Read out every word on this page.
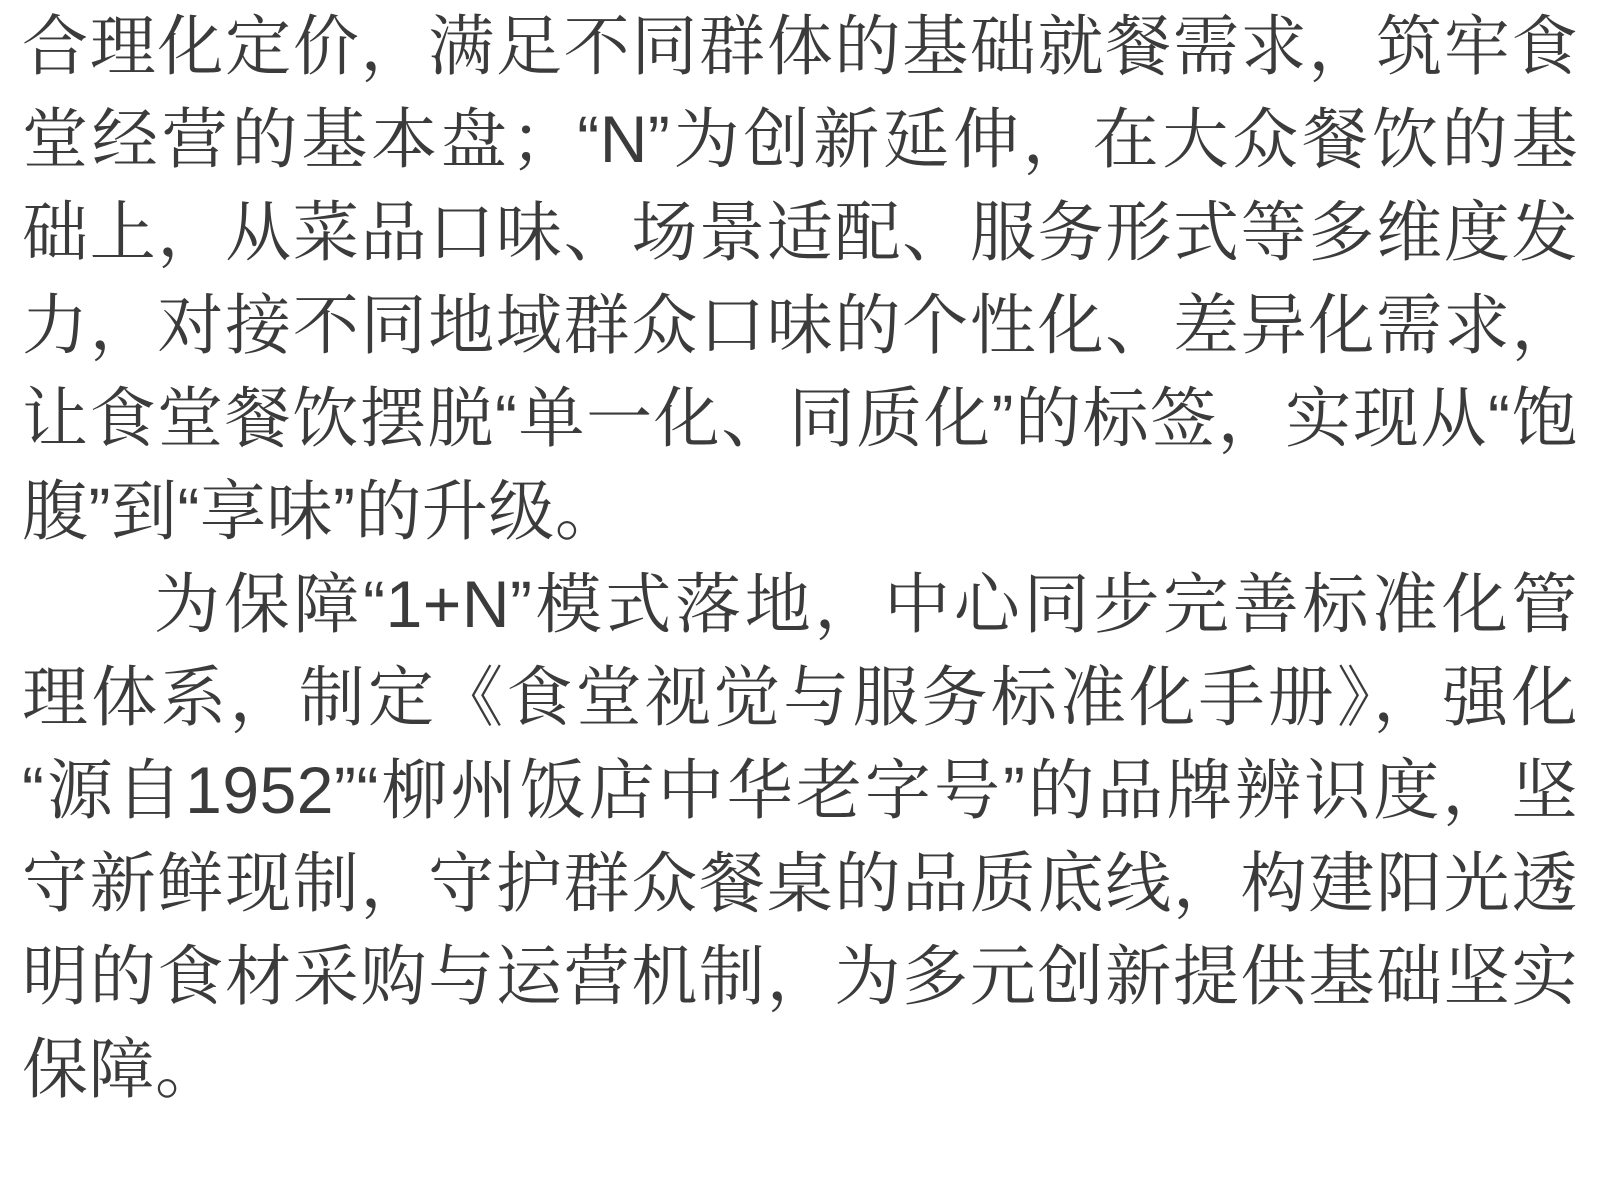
合理化定价，满足不同群体的基础就餐需求，筑牢食堂经营的基本盘；“N”为创新延伸，在大众餐饮的基础上，从菜品口味、场景适配、服务形式等多维度发力，对接不同地域群众口味的个性化、差异化需求，让食堂餐饮摆脱“单一化、同质化”的标签，实现从“饱腹”到“享味”的升级。

为保障“1+N”模式落地，中心同步完善标准化管理体系，制定《食堂视觉与服务标准化手册》，强化“源自1952”“柳州饭店中华老字号”的品牌辨识度，坚守新鲜现制，守护群众餐桌的品质底线，构建阳光透明的食材采购与运营机制，为多元创新提供基础坚实保障。
